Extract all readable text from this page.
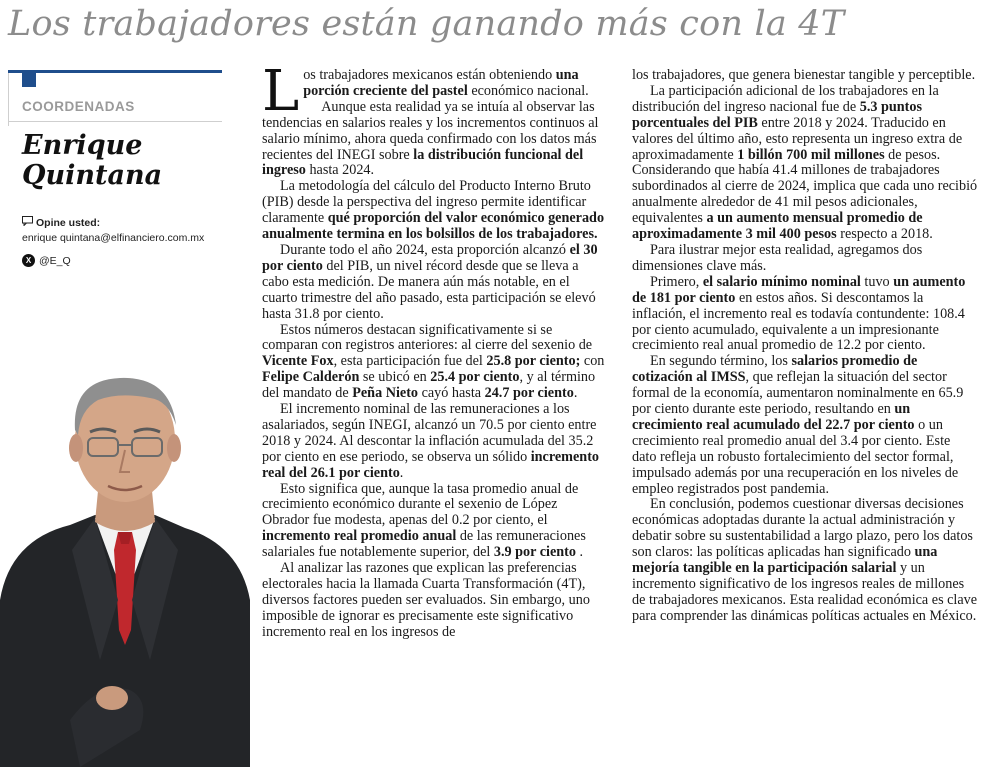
Los trabajadores están ganando más con la 4T
COORDENADAS
Enrique Quintana
Opine usted:
enrique quintana@elfinanciero.com.mx
X @E_Q

Los trabajadores mexicanos están obteniendo una porción creciente del pastel económico nacional.

Aunque esta realidad ya se intuía al observar las tendencias en salarios reales y los incrementos continuos al salario mínimo, ahora queda confirmado con los datos más recientes del INEGI sobre la distribución funcional del ingreso hasta 2024.

La metodología del cálculo del Producto Interno Bruto (PIB) desde la perspectiva del ingreso permite identificar claramente qué proporción del valor económico generado anualmente termina en los bolsillos de los trabajadores.

Durante todo el año 2024, esta proporción alcanzó el 30 por ciento del PIB, un nivel récord desde que se lleva a cabo esta medición. De manera aún más notable, en el cuarto trimestre del año pasado, esta participación se elevó hasta 31.8 por ciento.

Estos números destacan significativamente si se comparan con registros anteriores: al cierre del sexenio de Vicente Fox, esta participación fue del 25.8 por ciento; con Felipe Calderón se ubicó en 25.4 por ciento, y al término del mandato de Peña Nieto cayó hasta 24.7 por ciento.

El incremento nominal de las remuneraciones a los asalariados, según INEGI, alcanzó un 70.5 por ciento entre 2018 y 2024. Al descontar la inflación acumulada del 35.2 por ciento en ese periodo, se observa un sólido incremento real del 26.1 por ciento.

Esto significa que, aunque la tasa promedio anual de crecimiento económico durante el sexenio de López Obrador fue modesta, apenas del 0.2 por ciento, el incremento real promedio anual de las remuneraciones salariales fue notablemente superior, del 3.9 por ciento .

Al analizar las razones que explican las preferencias electorales hacia la llamada Cuarta Transformación (4T), diversos factores pueden ser evaluados. Sin embargo, uno imposible de ignorar es precisamente este significativo incremento real en los ingresos de

los trabajadores, que genera bienestar tangible y perceptible.

La participación adicional de los trabajadores en la distribución del ingreso nacional fue de 5.3 puntos porcentuales del PIB entre 2018 y 2024. Traducido en valores del último año, esto representa un ingreso extra de aproximadamente 1 billón 700 mil millones de pesos. Considerando que había 41.4 millones de trabajadores subordinados al cierre de 2024, implica que cada uno recibió anualmente alrededor de 41 mil pesos adicionales, equivalentes a un aumento mensual promedio de aproximadamente 3 mil 400 pesos respecto a 2018.

Para ilustrar mejor esta realidad, agregamos dos dimensiones clave más.

Primero, el salario mínimo nominal tuvo un aumento de 181 por ciento en estos años. Si descontamos la inflación, el incremento real es todavía contundente: 108.4 por ciento acumulado, equivalente a un impresionante crecimiento real anual promedio de 12.2 por ciento.

En segundo término, los salarios promedio de cotización al IMSS, que reflejan la situación del sector formal de la economía, aumentaron nominalmente en 65.9 por ciento durante este periodo, resultando en un crecimiento real acumulado del 22.7 por ciento o un crecimiento real promedio anual del 3.4 por ciento. Este dato refleja un robusto fortalecimiento del sector formal, impulsado además por una recuperación en los niveles de empleo registrados post pandemia.

En conclusión, podemos cuestionar diversas decisiones económicas adoptadas durante la actual administración y debatir sobre su sustentabilidad a largo plazo, pero los datos son claros: las políticas aplicadas han significado una mejoría tangible en la participación salarial y un incremento significativo de los ingresos reales de millones de trabajadores mexicanos. Esta realidad económica es clave para comprender las dinámicas políticas actuales en México.
